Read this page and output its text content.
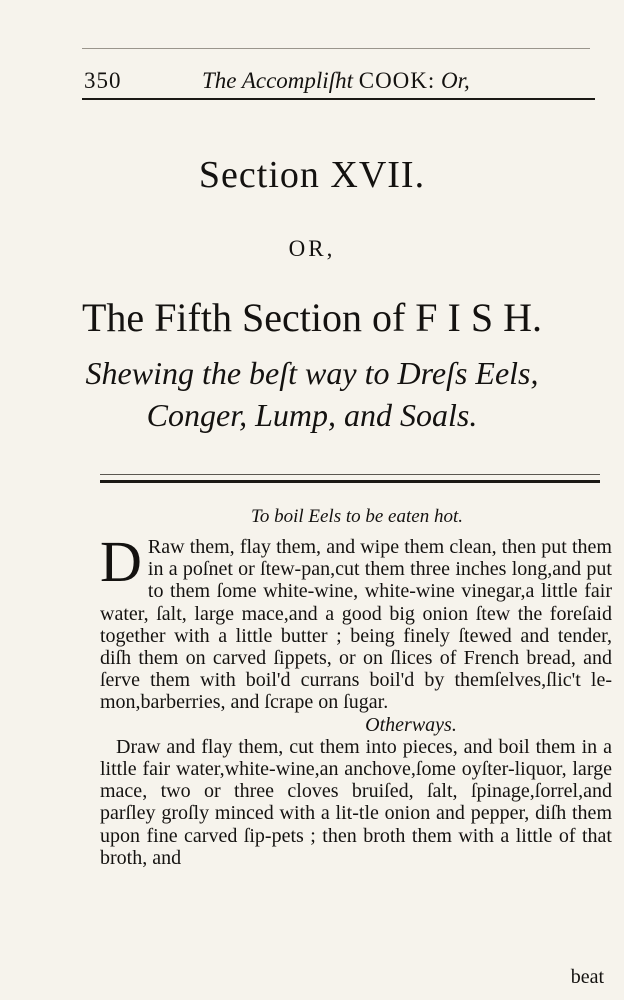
350	The Accompliſht COOK: Or,
Section XVII.
OR,
The Fifth Section of F I S H.
Shewing the beſt way to Dreſs Eels,
Conger, Lump, and Soals.
To boil Eels to be eaten hot.

D Raw them, flay them, and wipe them clean, then put them in a poſnet or ſtew-pan,cut them three inches long,and put to them ſome white-wine, white-wine vinegar,a little fair water, ſalt, large mace,and a good big onion ſtew the foreſaid together with a little butter ; being finely ſtewed and tender, diſh them on carved ſippets, or on ſlices of French bread, and ſerve them with boil'd currans boil'd by themſelves,ſlic't le-mon,barberries, and ſcrape on ſugar.

Otherways.

Draw and flay them, cut them into pieces, and boil them in a little fair water,white-wine,an anchove,ſome oyſter-liquor, large mace, two or three cloves bruiſed, ſalt, ſpinage,ſorrel,and parſley groſly minced with a lit-tle onion and pepper, diſh them upon fine carved ſip-pets ; then broth them with a little of that broth, and

beat
